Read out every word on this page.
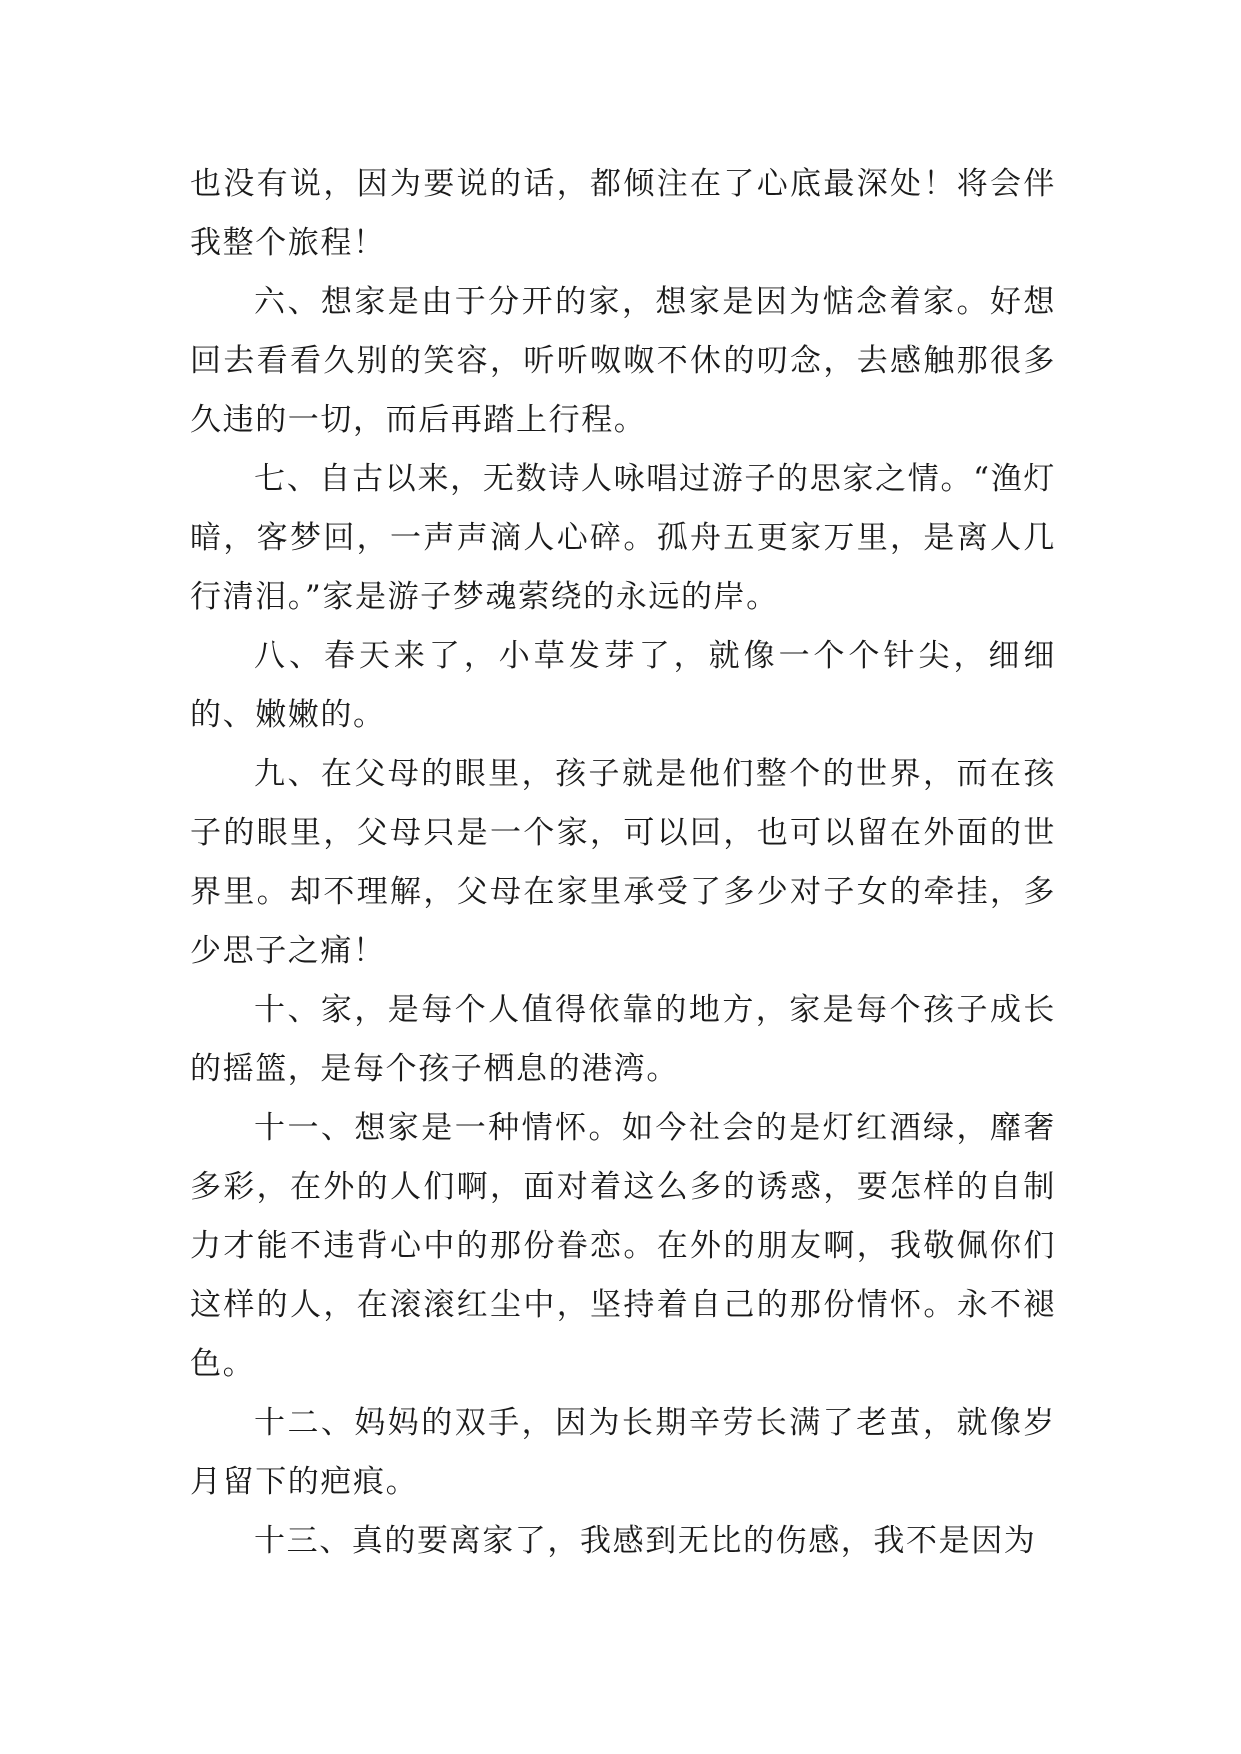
也没有说，因为要说的话，都倾注在了心底最深处！将会伴我整个旅程！

六、想家是由于分开的家，想家是因为惦念着家。好想回去看看久别的笑容，听听呶呶不休的叨念，去感触那很多久违的一切，而后再踏上行程。

七、自古以来，无数诗人咏唱过游子的思家之情。“渔灯暗，客梦回，一声声滴人心碎。孤舟五更家万里，是离人几行清泪。”家是游子梦魂萦绕的永远的岸。

八、春天来了，小草发芽了，就像一个个针尖，细细的、嫩嫩的。

九、在父母的眼里，孩子就是他们整个的世界，而在孩子的眼里，父母只是一个家，可以回，也可以留在外面的世界里。却不理解，父母在家里承受了多少对子女的牵挂，多少思子之痛！

十、家，是每个人值得依靠的地方，家是每个孩子成长的摇篮，是每个孩子栖息的港湾。

十一、想家是一种情怀。如今社会的是灯红酒绿，靡奢多彩，在外的人们啊，面对着这么多的诱惑，要怎样的自制力才能不违背心中的那份眷恋。在外的朋友啊，我敬佩你们这样的人，在滚滚红尘中，坚持着自己的那份情怀。永不褪色。

十二、妈妈的双手，因为长期辛劳长满了老茧，就像岁月留下的疤痕。

十三、真的要离家了，我感到无比的伤感，我不是因为
